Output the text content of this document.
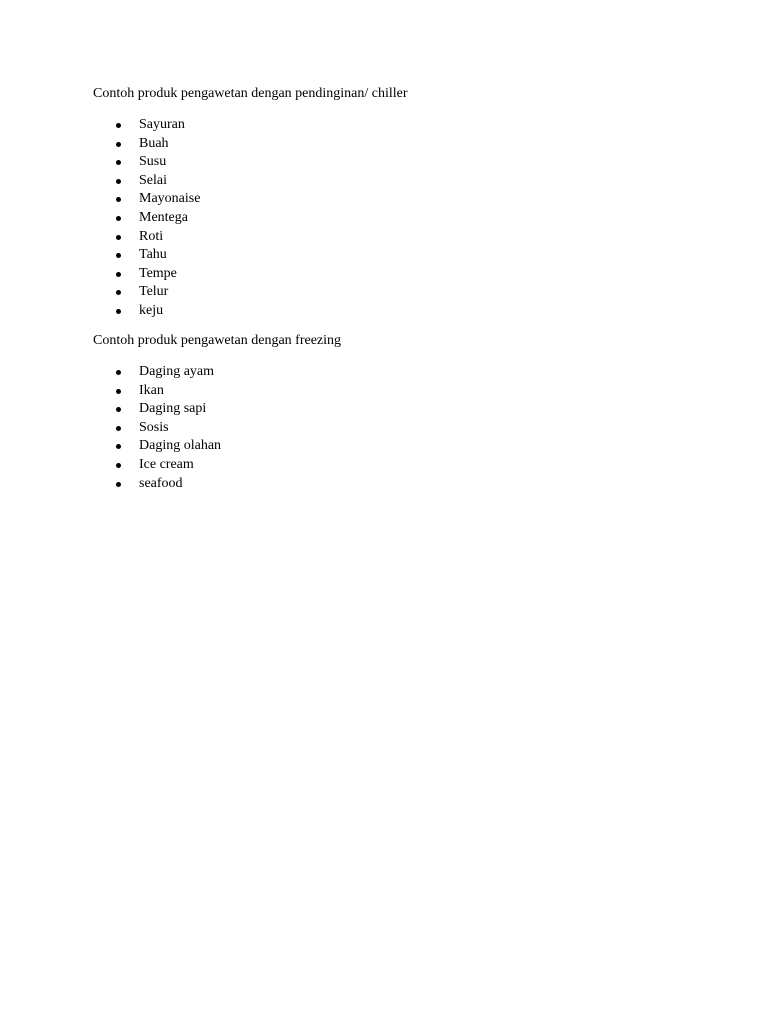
Contoh produk pengawetan dengan pendinginan/ chiller

Sayuran
Buah
Susu
Selai
Mayonaise
Mentega
Roti
Tahu
Tempe
Telur
keju

Contoh produk pengawetan dengan freezing

Daging ayam
Ikan
Daging sapi
Sosis
Daging olahan
Ice cream
seafood
